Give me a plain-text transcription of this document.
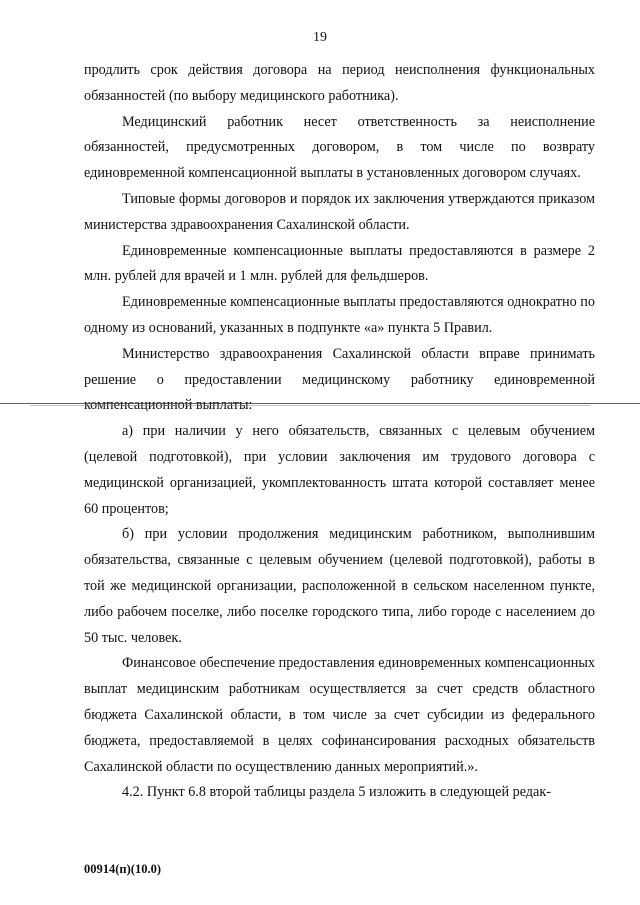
19

продлить срок действия договора на период неисполнения функциональных обязанностей (по выбору медицинского работника).

Медицинский работник несет ответственность за неисполнение обязанностей, предусмотренных договором, в том числе по возврату единовременной компенсационной выплаты в установленных договором случаях.

Типовые формы договоров и порядок их заключения утверждаются приказом министерства здравоохранения Сахалинской области.

Единовременные компенсационные выплаты предоставляются в размере 2 млн. рублей для врачей и 1 млн. рублей для фельдшеров.

Единовременные компенсационные выплаты предоставляются однократно по одному из оснований, указанных в подпункте «а» пункта 5 Правил.

Министерство здравоохранения Сахалинской области вправе принимать решение о предоставлении медицинскому работнику единовременной

а) при наличии у него обязательств, связанных с целевым обучением (целевой подготовкой), при условии заключения им трудового договора с медицинской организацией, укомплектованность штата которой составляет менее 60 процентов;

б) при условии продолжения медицинским работником, выполнившим обязательства, связанные с целевым обучением (целевой подготовкой), работы в той же медицинской организации, расположенной в сельском населенном пункте, либо рабочем поселке, либо поселке городского типа, либо городе с населением до 50 тыс. человек.

Финансовое обеспечение предоставления единовременных компенсационных выплат медицинским работникам осуществляется за счет средств областного бюджета Сахалинской области, в том числе за счет субсидии из федерального бюджета, предоставляемой в целях софинансирования расходных обязательств Сахалинской области по осуществлению данных мероприятий.».

4.2. Пункт 6.8 второй таблицы раздела 5 изложить в следующей редак-

00914(п)(10.0)
